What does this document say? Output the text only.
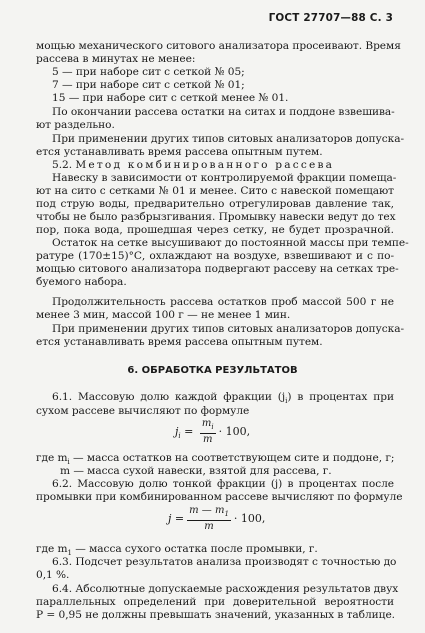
ГОСТ 27707—88 С. 3
мощью механического ситового анализатора просеивают. Время
рассева в минутах не менее:
5 — при наборе сит с сеткой № 05;
7 — при наборе сит с сеткой № 01;
15 — при наборе сит с сеткой менее № 01.
По окончании рассева остатки на ситах и поддоне взвешива-
ют раздельно.
При применении других типов ситовых анализаторов допуска-
ется устанавливать время рассева опытным путем.
5.2. Метод комбинированного рассева
Навеску в зависимости от контролируемой фракции помеща-
ют на сито с сетками № 01 и менее. Сито с навеской помещают
под струю воды, предварительно отрегулировав давление так,
чтобы не было разбрызгивания. Промывку навески ведут до тех
пор, пока вода, прошедшая через сетку, не будет прозрачной.
Остаток на сетке высушивают до постоянной массы при темпе-
ратуре (170±15)°С, охлаждают на воздухе, взвешивают и с по-
мощью ситового анализатора подвергают рассеву на сетках тре-
буемого набора.
Продолжительность рассева остатков проб массой 500 г не
менее 3 мин, массой 100 г — не менее 1 мин.
При применении других типов ситовых анализаторов допуска-
ется устанавливать время рассева опытным путем.
6. ОБРАБОТКА РЕЗУЛЬТАТОВ
6.1. Массовую долю каждой фракции $(j_i)$ в процентах при
сухом рассеве вычисляют по формуле
$j_i = \frac{m_i}{m} \cdot 100$,
где $m_i$ — масса остатков на соответствующем сите и поддоне, г;
m — масса сухой навески, взятой для рассева, г.
6.2. Массовую долю тонкой фракции (j) в процентах после
промывки при комбинированном рассеве вычисляют по формуле
$j = \frac{m — m_1}{m} \cdot 100$,
где $m_1$ — масса сухого остатка после промывки, г.
6.3. Подсчет результатов анализа производят с точностью до
0,1 %.
6.4. Абсолютные допускаемые расхождения результатов двух
параллельных определений при доверительной вероятности
P = 0,95 не должны превышать значений, указанных в таблице.
